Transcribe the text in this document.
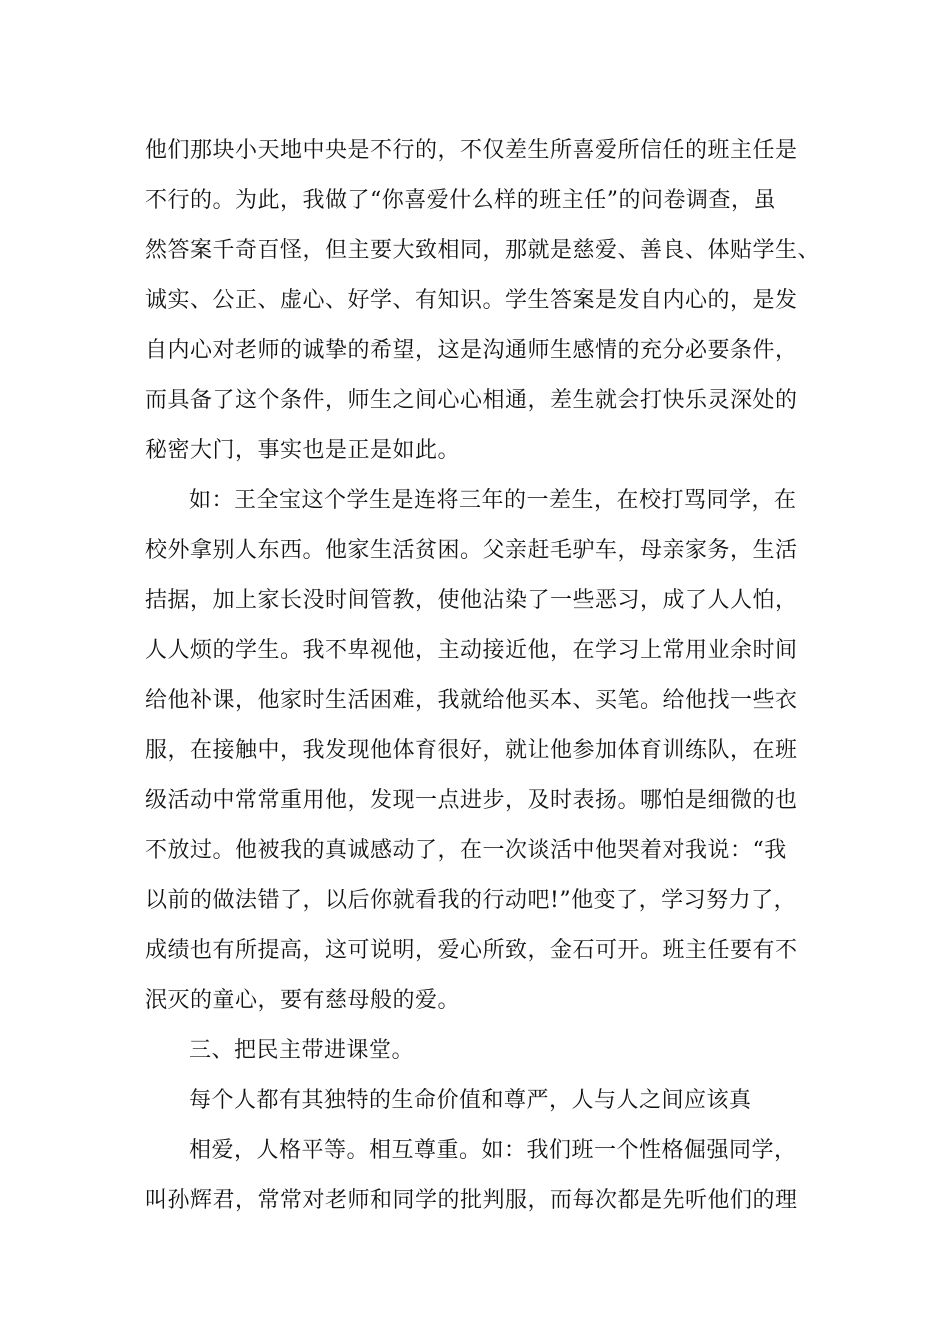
他们那块小天地中央是不行的，不仅差生所喜爱所信任的班主任是
不行的。为此，我做了“你喜爱什么样的班主任”的问卷调查，虽
然答案千奇百怪，但主要大致相同，那就是慈爱、善良、体贴学生、
诚实、公正、虚心、好学、有知识。学生答案是发自内心的，是发
自内心对老师的诚挚的希望，这是沟通师生感情的充分必要条件，
而具备了这个条件，师生之间心心相通，差生就会打快乐灵深处的
秘密大门，事实也是正是如此。
如：王全宝这个学生是连将三年的一差生，在校打骂同学，在
校外拿别人东西。他家生活贫困。父亲赶毛驴车，母亲家务，生活
拮据，加上家长没时间管教，使他沾染了一些恶习，成了人人怕，
人人烦的学生。我不卑视他，主动接近他，在学习上常用业余时间
给他补课，他家时生活困难，我就给他买本、买笔。给他找一些衣
服，在接触中，我发现他体育很好，就让他参加体育训练队，在班
级活动中常常重用他，发现一点进步，及时表扬。哪怕是细微的也
不放过。他被我的真诚感动了，在一次谈活中他哭着对我说：“我
以前的做法错了，以后你就看我的行动吧!”他变了，学习努力了，
成绩也有所提高，这可说明，爱心所致，金石可开。班主任要有不
泯灭的童心，要有慈母般的爱。
三、把民主带进课堂。
每个人都有其独特的生命价值和尊严，人与人之间应该真
相爱，人格平等。相互尊重。如：我们班一个性格倔强同学，
叫孙辉君，常常对老师和同学的批判服，而每次都是先听他们的理
